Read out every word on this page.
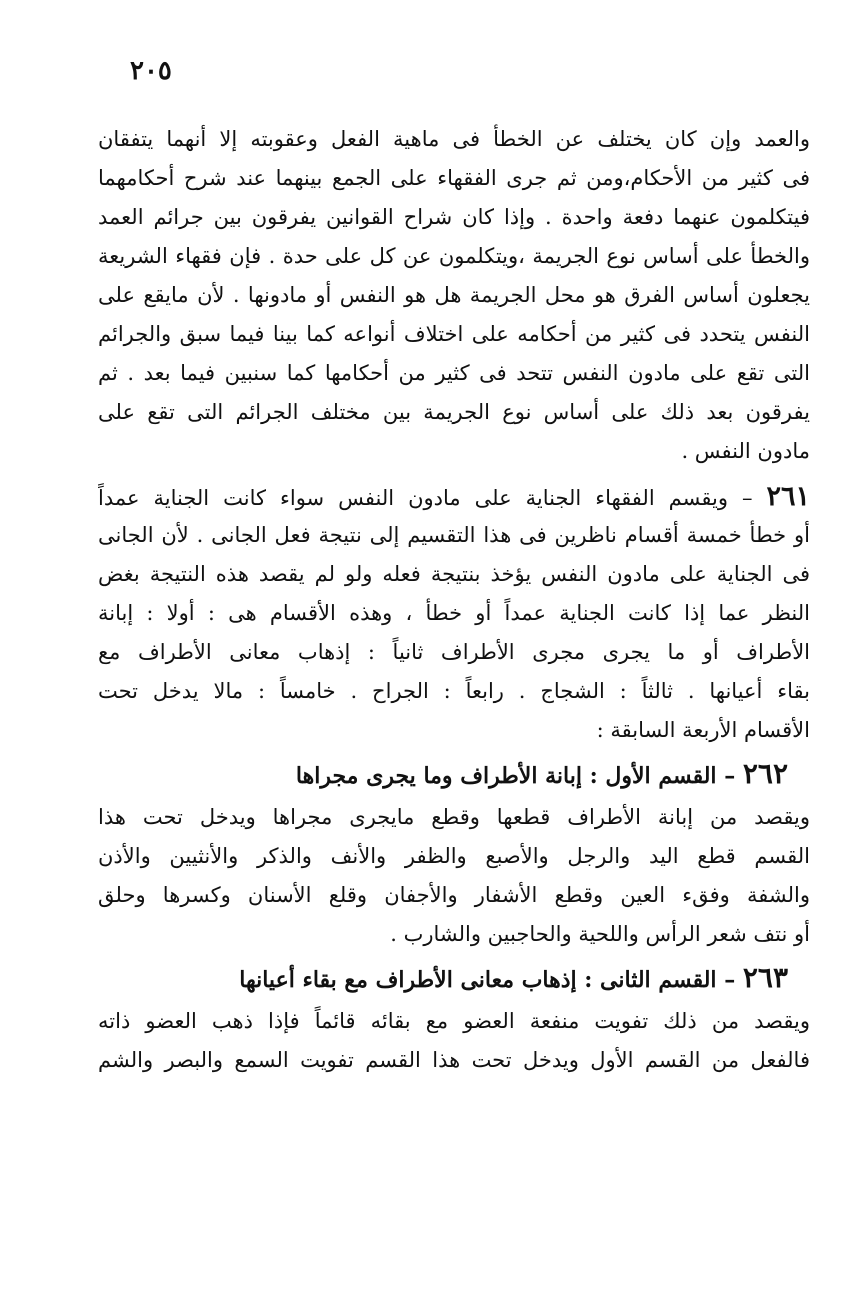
٢٠٥
والعمد وإن كان يختلف عن الخطأ فى ماهية الفعل وعقوبته إلا أنهما يتفقان
فى كثير من الأحكام،ومن ثم جرى الفقهاء على الجمع بينهما عند شرح أحكامهما
فيتكلمون عنهما دفعة واحدة . وإذا كان شراح القوانين يفرقون بين جرائم العمد
والخطأ على أساس نوع الجريمة ،ويتكلمون عن كل على حدة . فإن فقهاء الشريعة
يجعلون أساس الفرق هو محل الجريمة هل هو النفس أو مادونها . لأن مايقع على
النفس يتحدد فى كثير من أحكامه على اختلاف أنواعه كما بينا فيما سبق والجرائم
التى تقع على مادون النفس تتحد فى كثير من أحكامها كما سنبين فيما بعد . ثم
يفرقون بعد ذلك على أساس نوع الجريمة بين مختلف الجرائم التى تقع على
مادون النفس .
٢٦١ – ويقسم الفقهاء الجناية على مادون النفس سواء كانت الجناية عمداً
أو خطأ خمسة أقسام ناظرين فى هذا التقسيم إلى نتيجة فعل الجانى . لأن الجانى
فى الجناية على مادون النفس يؤخذ بنتيجة فعله ولو لم يقصد هذه النتيجة بغض
النظر عما إذا كانت الجناية عمداً أو خطأ ، وهذه الأقسام هى : أولا : إبانة
الأطراف أو ما يجرى مجرى الأطراف ثانياً : إذهاب معانى الأطراف مع
بقاء أعيانها . ثالثاً : الشجاج . رابعاً : الجراح . خامساً : مالا يدخل تحت
الأقسام الأربعة السابقة :
٢٦٢ – القسم الأول : إبانة الأطراف وما يجرى مجراها
ويقصد من إبانة الأطراف قطعها وقطع مايجرى مجراها ويدخل تحت هذا
القسم قطع اليد والرجل والأصبع والظفر والأنف والذكر والأنثيين والأذن
والشفة وفقء العين وقطع الأشفار والأجفان وقلع الأسنان وكسرها وحلق
أو نتف شعر الرأس واللحية والحاجبين والشارب .
٢٦٣ – القسم الثانى : إذهاب معانى الأطراف مع بقاء أعيانها
ويقصد من ذلك تفويت منفعة العضو مع بقائه قائماً فإذا ذهب العضو ذاته
فالفعل من القسم الأول ويدخل تحت هذا القسم تفويت السمع والبصر والشم
